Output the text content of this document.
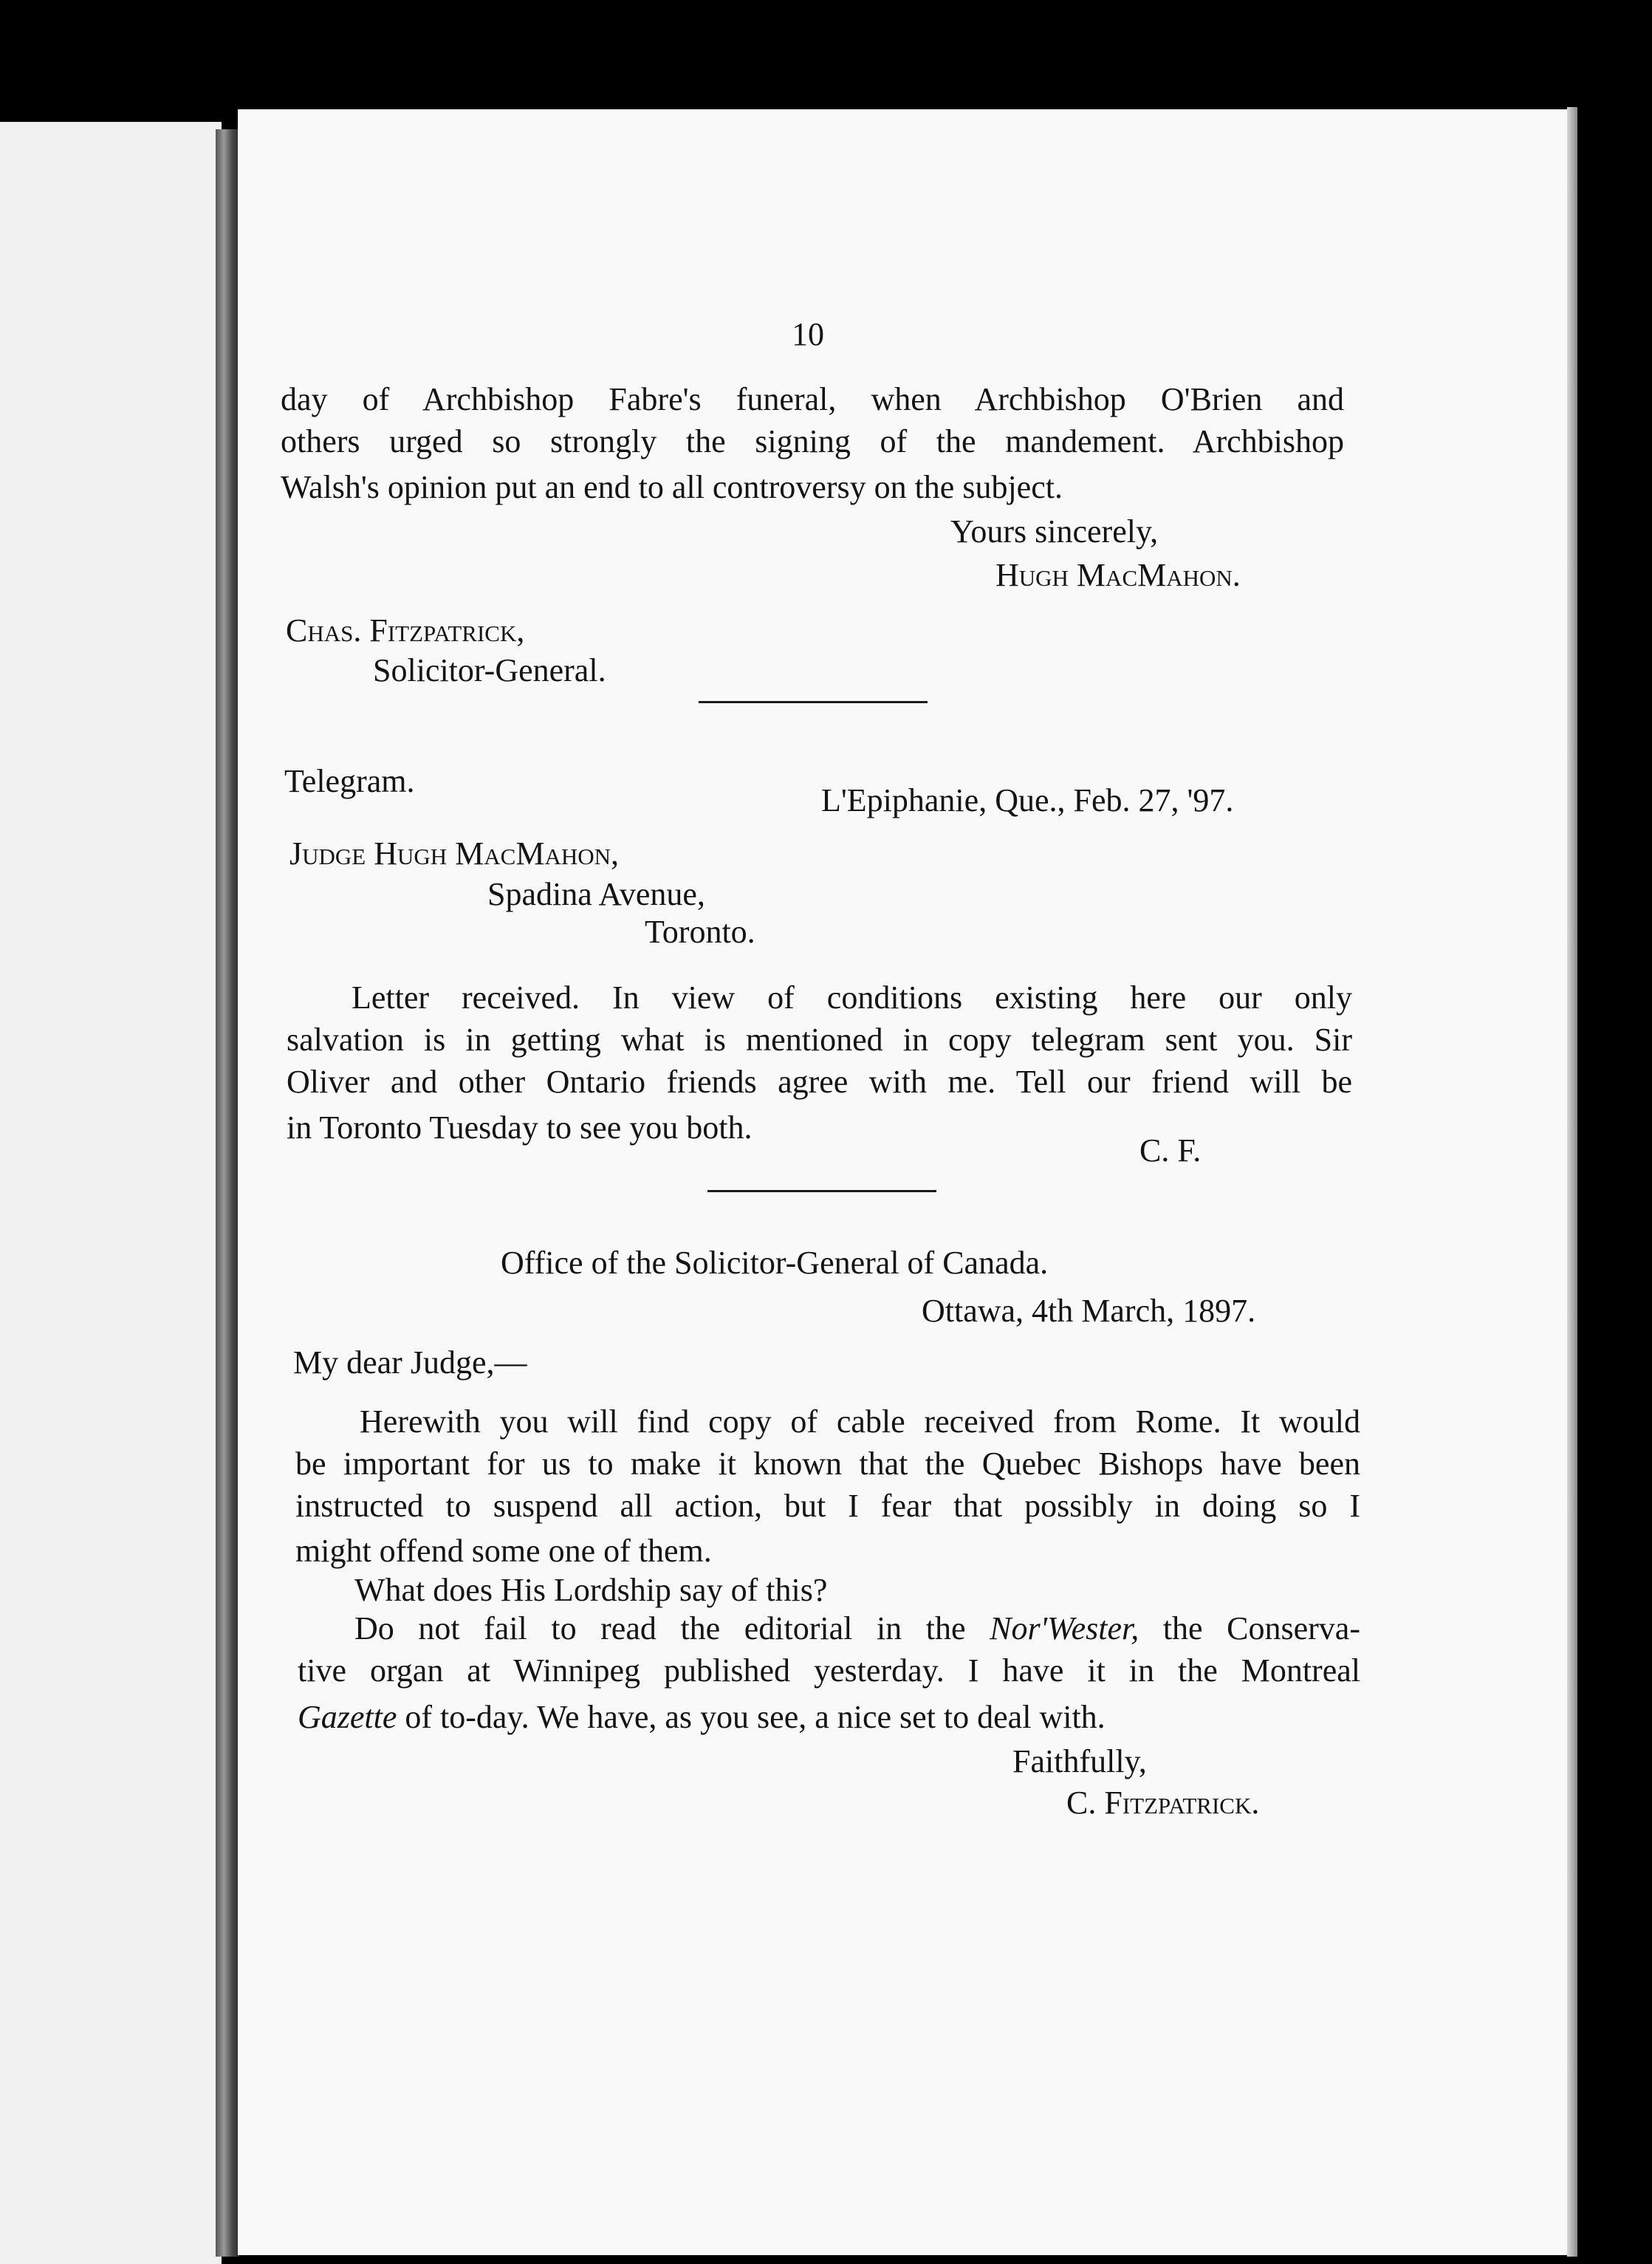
10
day of Archbishop Fabre's funeral, when Archbishop O'Brien and
others urged so strongly the signing of the mandement. Archbishop
Walsh's opinion put an end to all controversy on the subject.
Yours sincerely,
Hugh MacMahon.
Chas. Fitzpatrick,
Solicitor-General.
Telegram.
L'Epiphanie, Que., Feb. 27, '97.
Judge Hugh MacMahon,
Spadina Avenue,
Toronto.
Letter received. In view of conditions existing here our only
salvation is in getting what is mentioned in copy telegram sent you. Sir
Oliver and other Ontario friends agree with me. Tell our friend will be
in Toronto Tuesday to see you both.
C. F.
Office of the Solicitor-General of Canada.
Ottawa, 4th March, 1897.
My dear Judge,—
Herewith you will find copy of cable received from Rome. It would
be important for us to make it known that the Quebec Bishops have been
instructed to suspend all action, but I fear that possibly in doing so I
might offend some one of them.
What does His Lordship say of this?
Do not fail to read the editorial in the Nor'Wester, the Conserva-
tive organ at Winnipeg published yesterday. I have it in the Montreal
Gazette of to-day. We have, as you see, a nice set to deal with.
Faithfully,
C. Fitzpatrick.
